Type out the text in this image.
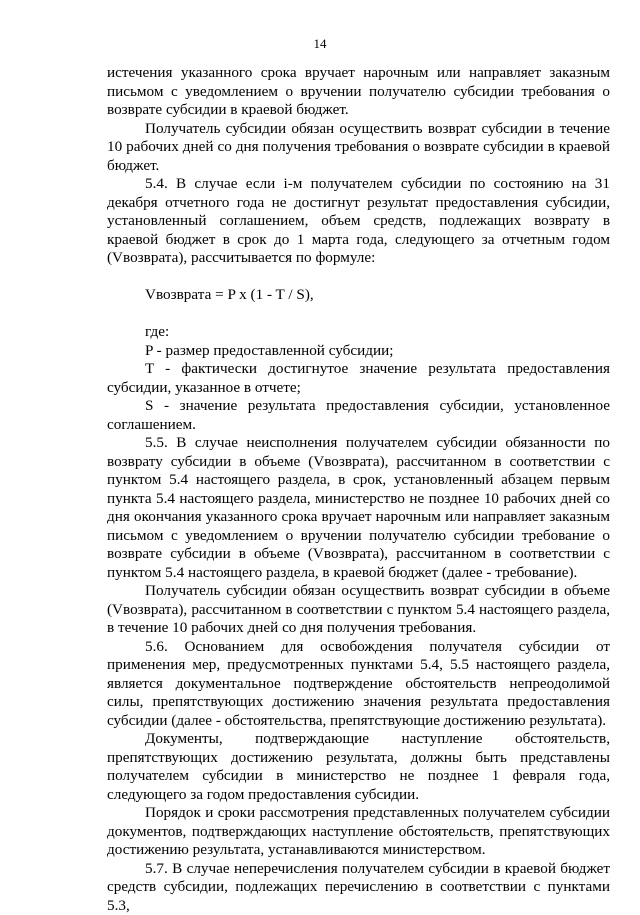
14

истечения указанного срока вручает нарочным или направляет заказным письмом с уведомлением о вручении получателю субсидии требования о возврате субсидии в краевой бюджет.

Получатель субсидии обязан осуществить возврат субсидии в течение 10 рабочих дней со дня получения требования о возврате субсидии в краевой бюджет.

5.4. В случае если i-м получателем субсидии по состоянию на 31 декабря отчетного года не достигнут результат предоставления субсидии, установленный соглашением, объем средств, подлежащих возврату в краевой бюджет в срок до 1 марта года, следующего за отчетным годом (Vвозврата), рассчитывается по формуле:

Vвозврата = P x (1 - T / S),

где:

P - размер предоставленной субсидии;

T - фактически достигнутое значение результата предоставления субсидии, указанное в отчете;

S - значение результата предоставления субсидии, установленное соглашением.

5.5. В случае неисполнения получателем субсидии обязанности по возврату субсидии в объеме (Vвозврата), рассчитанном в соответствии с пунктом 5.4 настоящего раздела, в срок, установленный абзацем первым пункта 5.4 настоящего раздела, министерство не позднее 10 рабочих дней со дня окончания указанного срока вручает нарочным или направляет заказным письмом с уведомлением о вручении получателю субсидии требование о возврате субсидии в объеме (Vвозврата), рассчитанном в соответствии с пунктом 5.4 настоящего раздела, в краевой бюджет (далее - требование).

Получатель субсидии обязан осуществить возврат субсидии в объеме (Vвозврата), рассчитанном в соответствии с пунктом 5.4 настоящего раздела, в течение 10 рабочих дней со дня получения требования.

5.6. Основанием для освобождения получателя субсидии от применения мер, предусмотренных пунктами 5.4, 5.5 настоящего раздела, является документальное подтверждение обстоятельств непреодолимой силы, препятствующих достижению значения результата предоставления субсидии (далее - обстоятельства, препятствующие достижению результата).

Документы, подтверждающие наступление обстоятельств, препятствующих достижению результата, должны быть представлены получателем субсидии в министерство не позднее 1 февраля года, следующего за годом предоставления субсидии.

Порядок и сроки рассмотрения представленных получателем субсидии документов, подтверждающих наступление обстоятельств, препятствующих достижению результата, устанавливаются министерством.

5.7. В случае неперечисления получателем субсидии в краевой бюджет средств субсидии, подлежащих перечислению в соответствии с пунктами 5.3,
